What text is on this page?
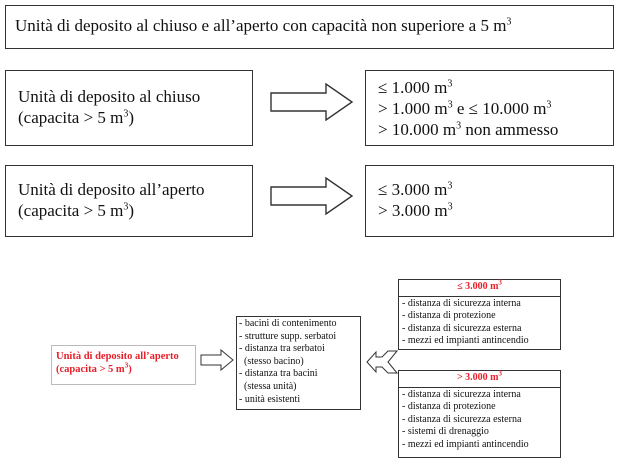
Unità di deposito al chiuso e all’aperto con capacità non superiore a 5 $m^3$
Unità di deposito al chiuso
(capacita > 5 $m^3$)
≤ 1.000 $m^3$
> 1.000 $m^3$ e ≤ 10.000 $m^3$
> 10.000 $m^3$ non ammesso
Unità di deposito all’aperto
(capacita > 5 $m^3$)
≤ 3.000 $m^3$
> 3.000 $m^3$
Unità di deposito all’aperto
(capacita > 5 $m^3$)
- bacini di contenimento
- strutture supp. serbatoi
- distanza tra serbatoi
(stesso bacino)
- distanza tra bacini
(stessa unità)
- unità esistenti
≤ 3.000 $m^3$
- distanza di sicurezza interna
- distanza di protezione
- distanza di sicurezza esterna
- mezzi ed impianti antincendio
> 3.000 $m^3$
- distanza di sicurezza interna
- distanza di protezione
- distanza di sicurezza esterna
- sistemi di drenaggio
- mezzi ed impianti antincendio
